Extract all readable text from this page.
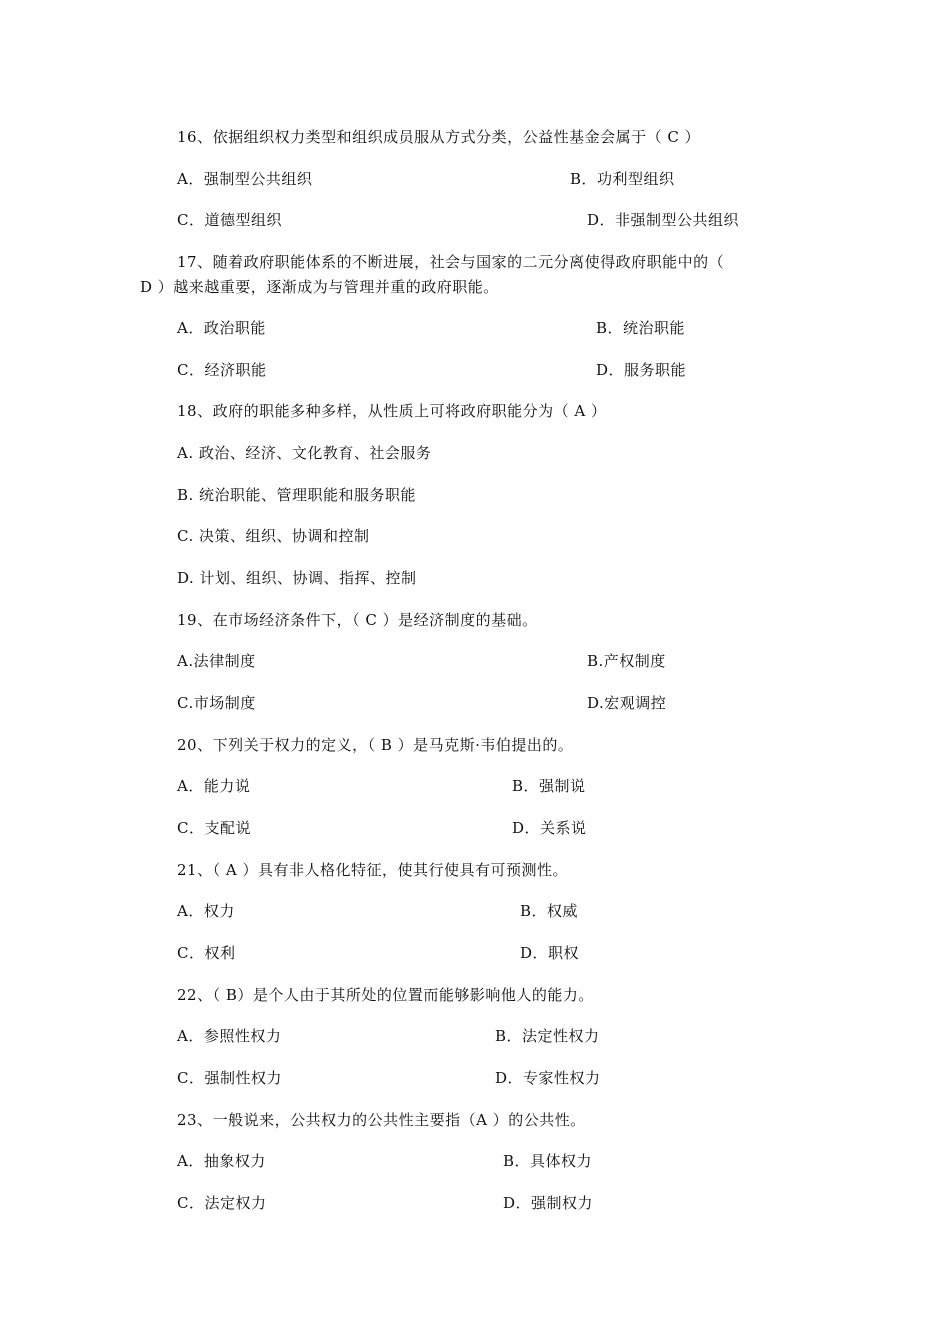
16、依据组织权力类型和组织成员服从方式分类，公益性基金会属于（ C ）
A．强制型公共组织	B．功利型组织
C．道德型组织	D．非强制型公共组织
17、随着政府职能体系的不断进展，社会与国家的二元分离使得政府职能中的（
D ）越来越重要，逐渐成为与管理并重的政府职能。
A．政治职能	B．统治职能
C．经济职能	D．服务职能
18、政府的职能多种多样，从性质上可将政府职能分为（ A ）
A. 政治、经济、文化教育、社会服务
B. 统治职能、管理职能和服务职能
C. 决策、组织、协调和控制
D. 计划、组织、协调、指挥、控制
19、在市场经济条件下，（ C ）是经济制度的基础。
A.法律制度	B.产权制度
C.市场制度	D.宏观调控
20、下列关于权力的定义，（ B ）是马克斯·韦伯提出的。
A．能力说	B．强制说
C．支配说	D．关系说
21、（ A ）具有非人格化特征，使其行使具有可预测性。
A．权力	B．权威
C．权利	D．职权
22、（ B）是个人由于其所处的位置而能够影响他人的能力。
A．参照性权力	B．法定性权力
C．强制性权力	D．专家性权力
23、一般说来，公共权力的公共性主要指（A ）的公共性。
A．抽象权力	B．具体权力
C．法定权力	D．强制权力
